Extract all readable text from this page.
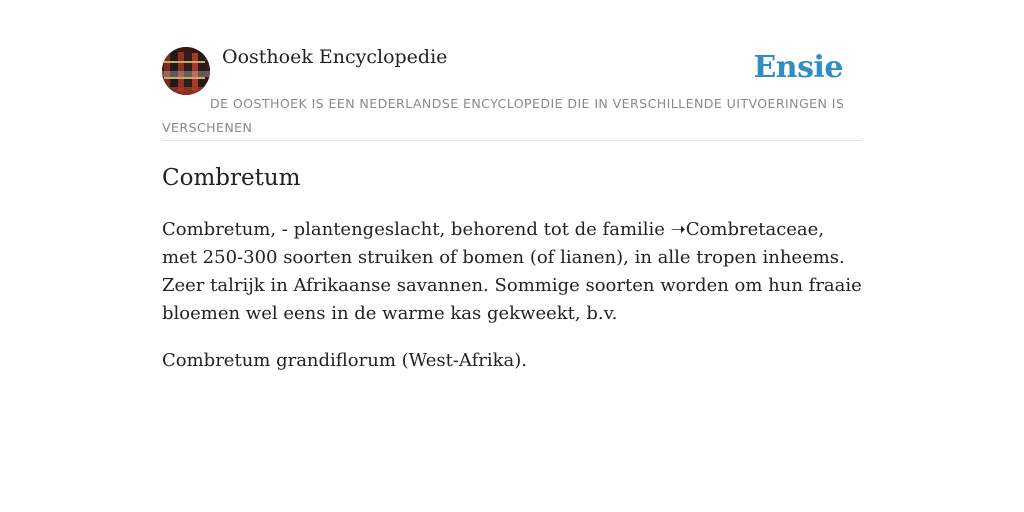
Oosthoek Encyclopedie	Ensie
DE OOSTHOEK IS EEN NEDERLANDSE ENCYCLOPEDIE DIE IN VERSCHILLENDE UITVOERINGEN IS VERSCHENEN
Combretum

Combretum, - plantengeslacht, behorend tot de familie ➝Combretaceae, met 250-300 soorten struiken of bomen (of lianen), in alle tropen inheems. Zeer talrijk in Afrikaanse savannen. Sommige soorten worden om hun fraaie bloemen wel eens in de warme kas gekweekt, b.v.

Combretum grandiflorum (West-Afrika).
